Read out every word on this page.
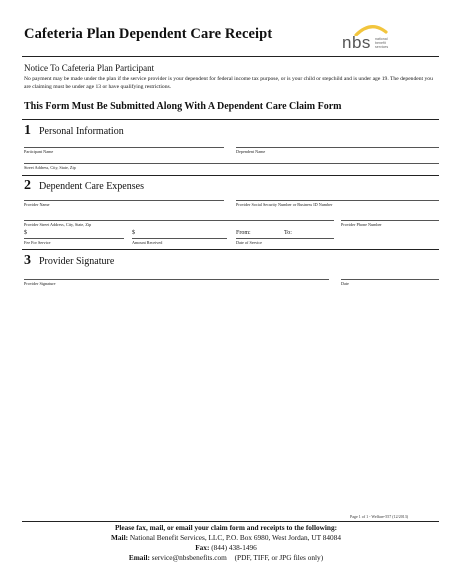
Cafeteria Plan Dependent Care Receipt	nbs national
benefit
services
Notice To Cafeteria Plan Participant
No payment may be made under the plan if the service provider is your dependent for federal income tax purpose, or is your child or stepchild and is under age 19. The dependent you are claiming must be under age 13 or have qualifying restrictions.
This Form Must Be Submitted Along With A Dependent Care Claim Form
1 Personal Information
Participant Name	Dependent Name
Street Address, City, State, Zip
2 Dependent Care Expenses
Provider Name	Provider Social Security Number or Business ID Number
Provider Street Address, City, State, Zip	Provider Phone Number
$
Fee For Service
$
Amount Received
From:	To:
Date of Service
3 Provider Signature
Provider Signature	Date
Page 1 of 1 - Welfare-557 (12/2013)
Please fax, mail, or email your claim form and receipts to the following:
Mail: National Benefit Services, LLC, P.O. Box 6980, West Jordan, UT 84084
Fax: (844) 438-1496
Email: service@nbsbenefits.com (PDF, TIFF, or JPG files only)
